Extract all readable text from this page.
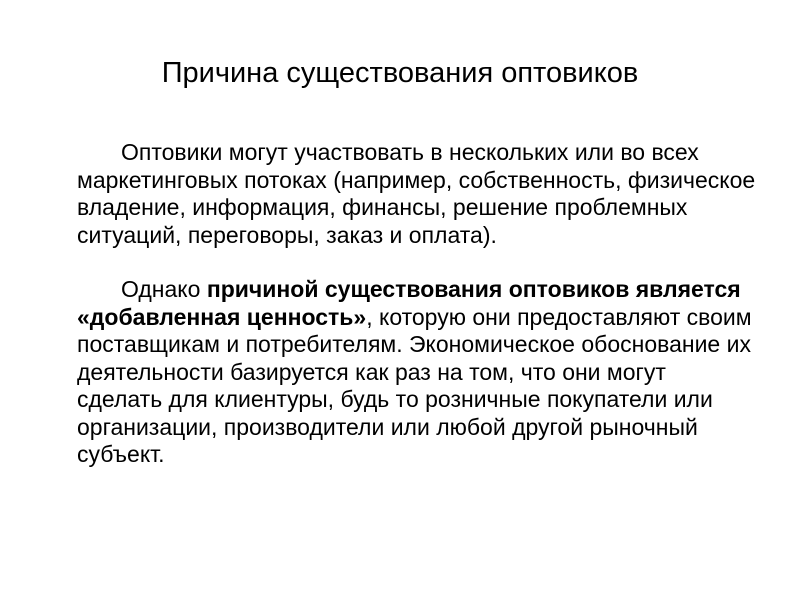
Причина существования оптовиков

Оптовики могут участвовать в нескольких или во всех маркетинговых потоках (например, собственность, физическое владение, информация, финансы, решение проблемных ситуаций, переговоры, заказ и оплата).

Однако причиной существования оптовиков является «добавленная ценность», которую они предоставляют своим поставщикам и потребителям. Экономическое обоснование их деятельности базируется как раз на том, что они могут сделать для клиентуры, будь то розничные покупатели или организации, производители или любой другой рыночный субъект.
